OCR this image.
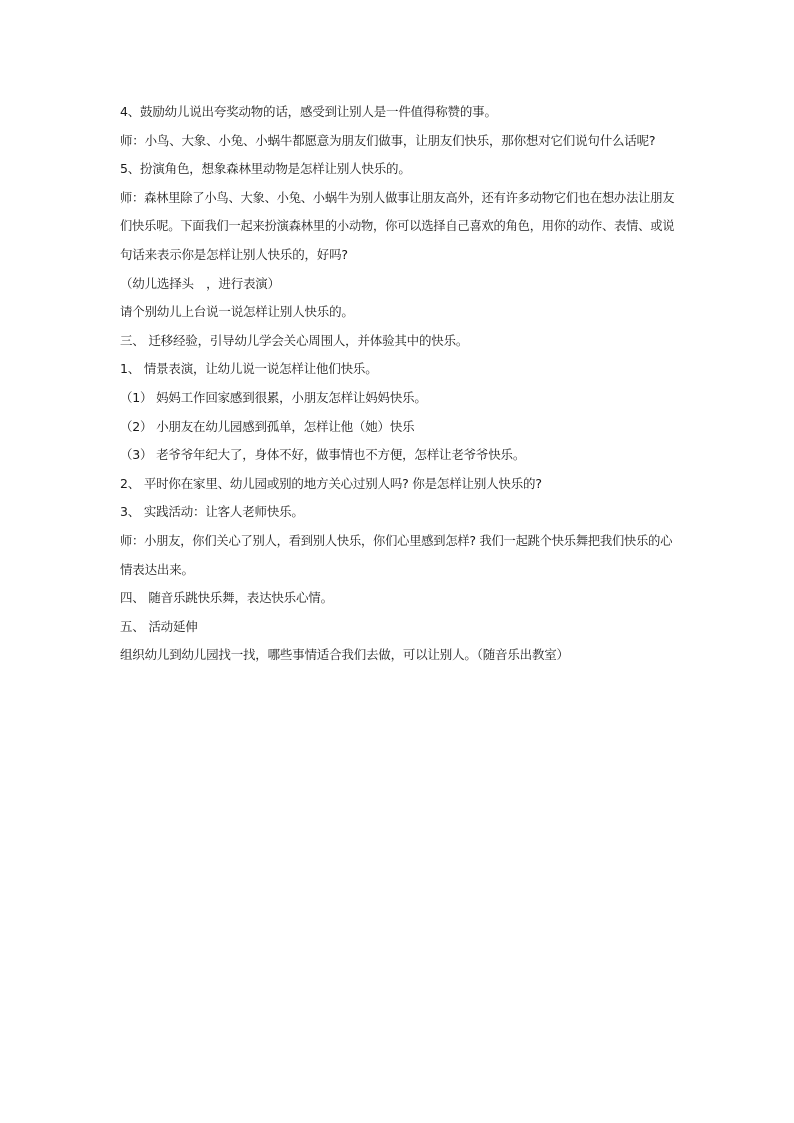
4、鼓励幼儿说出夸奖动物的话，感受到让别人是一件值得称赞的事。
师：小鸟、大象、小兔、小蜗牛都愿意为朋友们做事，让朋友们快乐，那你想对它们说句什么话呢?
5、扮演角色，想象森林里动物是怎样让别人快乐的。
师：森林里除了小鸟、大象、小兔、小蜗牛为别人做事让朋友高外，还有许多动物它们也在想办法让朋友
们快乐呢。下面我们一起来扮演森林里的小动物，你可以选择自己喜欢的角色，用你的动作、表情、或说
句话来表示你是怎样让别人快乐的，好吗?
（幼儿选择头　，进行表演）
请个别幼儿上台说一说怎样让别人快乐的。
三、 迁移经验，引导幼儿学会关心周围人，并体验其中的快乐。
1、 情景表演，让幼儿说一说怎样让他们快乐。
（1） 妈妈工作回家感到很累，小朋友怎样让妈妈快乐。
（2） 小朋友在幼儿园感到孤单，怎样让他（她）快乐
（3） 老爷爷年纪大了，身体不好，做事情也不方便，怎样让老爷爷快乐。
2、 平时你在家里、幼儿园或别的地方关心过别人吗? 你是怎样让别人快乐的?
3、 实践活动：让客人老师快乐。
师：小朋友，你们关心了别人，看到别人快乐，你们心里感到怎样? 我们一起跳个快乐舞把我们快乐的心
情表达出来。
四、 随音乐跳快乐舞，表达快乐心情。
五、 活动延伸
组织幼儿到幼儿园找一找，哪些事情适合我们去做，可以让别人。（随音乐出教室）
